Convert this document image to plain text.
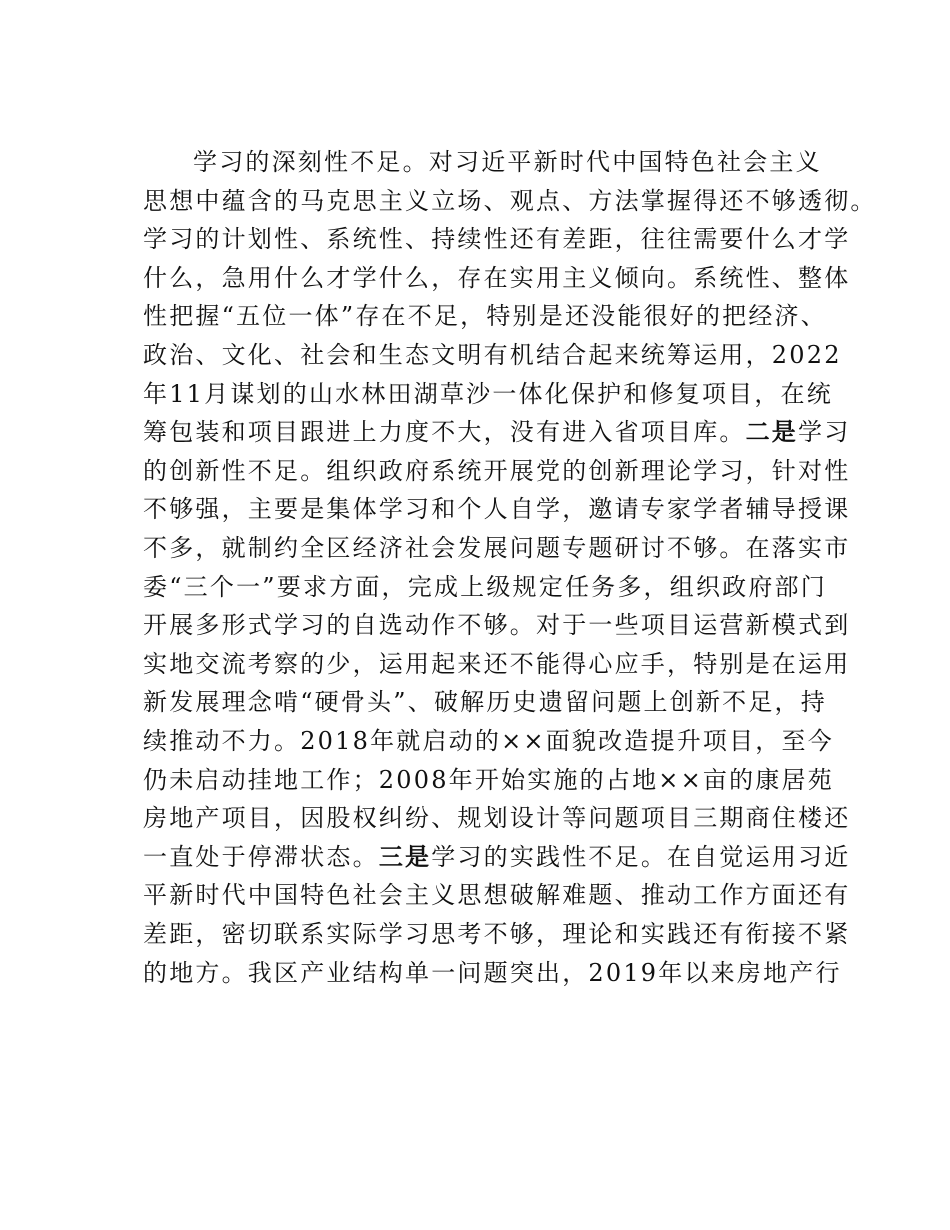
学习的深刻性不足。对习近平新时代中国特色社会主义
思想中蕴含的马克思主义立场、观点、方法掌握得还不够透彻。
学习的计划性、系统性、持续性还有差距，往往需要什么才学
什么，急用什么才学什么，存在实用主义倾向。系统性、整体
性把握“五位一体”存在不足，特别是还没能很好的把经济、
政治、文化、社会和生态文明有机结合起来统筹运用，2022
年11月谋划的山水林田湖草沙一体化保护和修复项目，在统
筹包装和项目跟进上力度不大，没有进入省项目库。二是学习
的创新性不足。组织政府系统开展党的创新理论学习，针对性
不够强，主要是集体学习和个人自学，邀请专家学者辅导授课
不多，就制约全区经济社会发展问题专题研讨不够。在落实市
委“三个一”要求方面，完成上级规定任务多，组织政府部门
开展多形式学习的自选动作不够。对于一些项目运营新模式到
实地交流考察的少，运用起来还不能得心应手，特别是在运用
新发展理念啃“硬骨头”、破解历史遗留问题上创新不足，持
续推动不力。2018年就启动的××面貌改造提升项目，至今
仍未启动挂地工作；2008年开始实施的占地××亩的康居苑
房地产项目，因股权纠纷、规划设计等问题项目三期商住楼还
一直处于停滞状态。三是学习的实践性不足。在自觉运用习近
平新时代中国特色社会主义思想破解难题、推动工作方面还有
差距，密切联系实际学习思考不够，理论和实践还有衔接不紧
的地方。我区产业结构单一问题突出，2019年以来房地产行
